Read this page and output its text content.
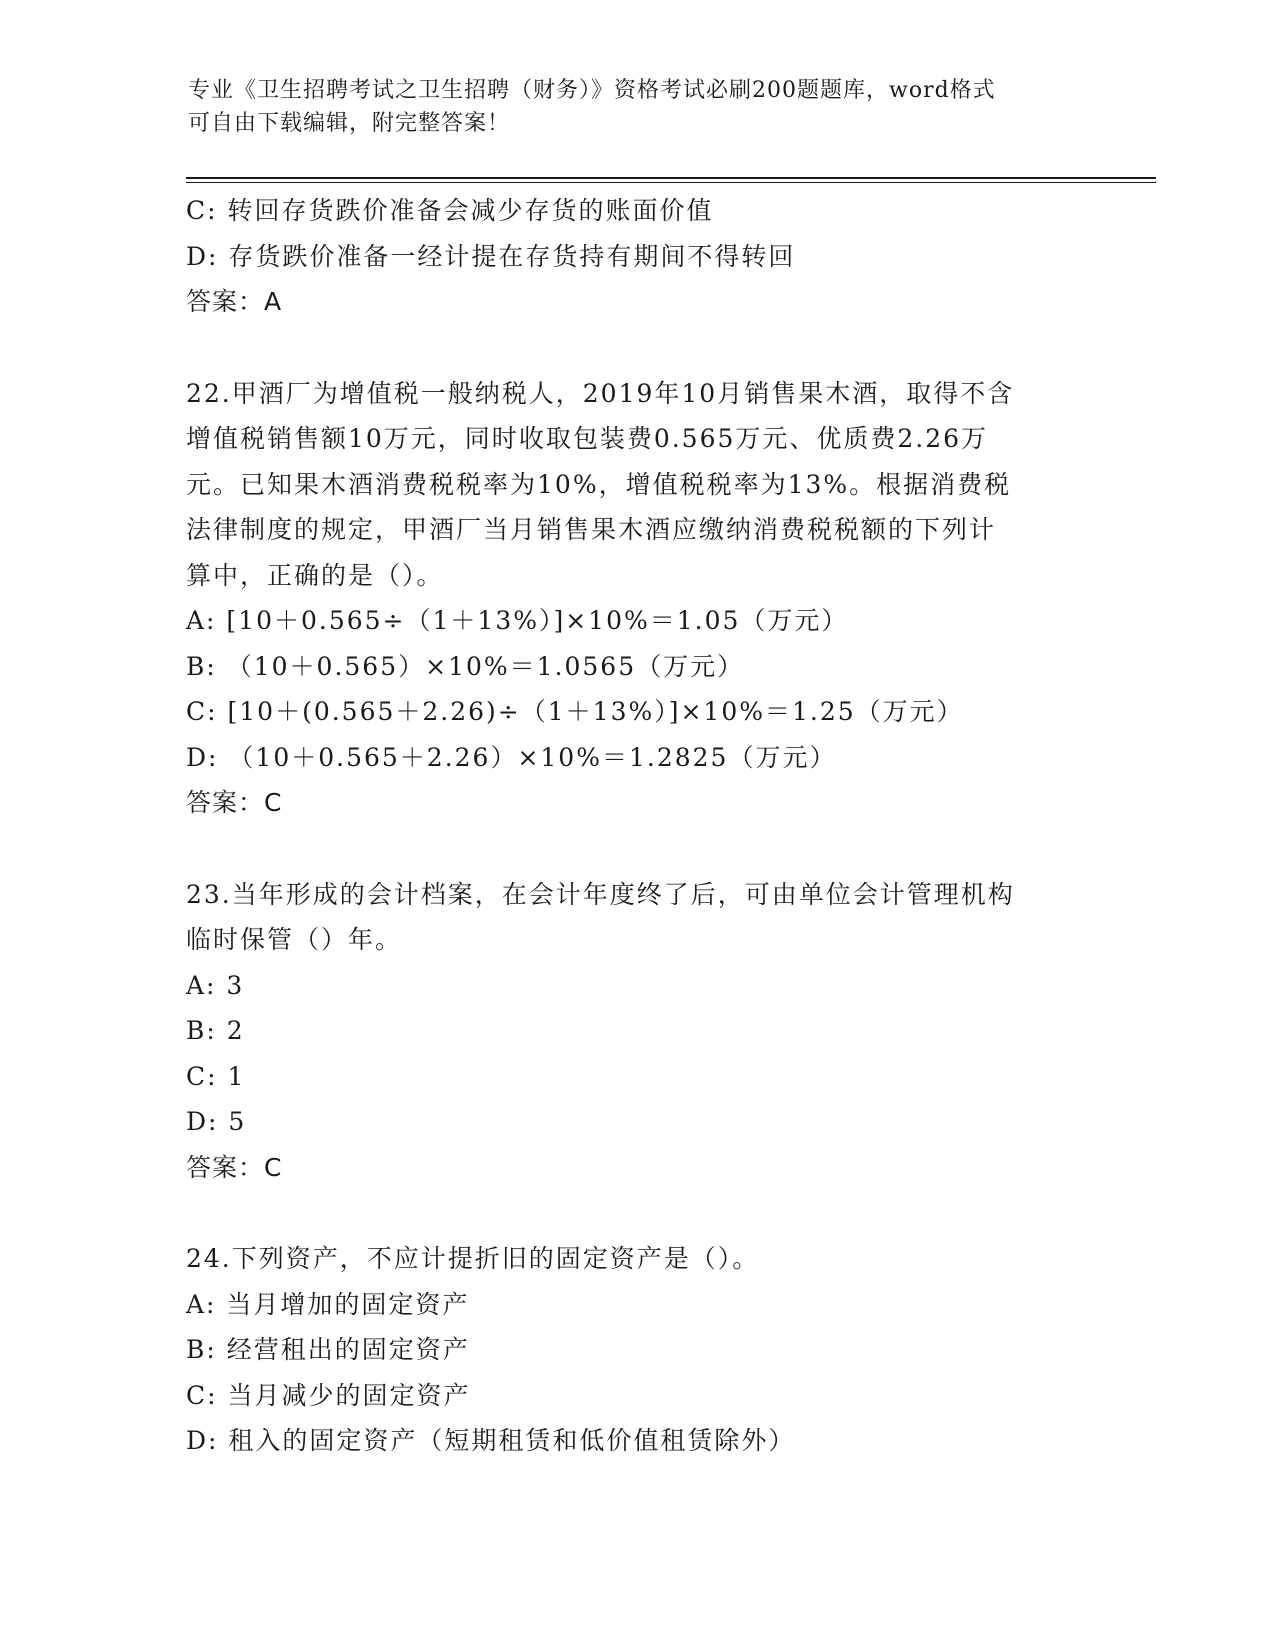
专业《卫生招聘考试之卫生招聘（财务）》资格考试必刷200题题库，word格式
可自由下载编辑，附完整答案！
C: 转回存货跌价准备会减少存货的账面价值
D: 存货跌价准备一经计提在存货持有期间不得转回
答案：A
22.甲酒厂为增值税一般纳税人，2019年10月销售果木酒，取得不含
增值税销售额10万元，同时收取包装费0.565万元、优质费2.26万
元。已知果木酒消费税税率为10%，增值税税率为13%。根据消费税
法律制度的规定，甲酒厂当月销售果木酒应缴纳消费税税额的下列计
算中，正确的是（）。
A: [10＋0.565÷（1＋13%）]×10%＝1.05（万元）
B: （10＋0.565）×10%＝1.0565（万元）
C: [10＋(0.565＋2.26)÷（1＋13%）]×10%＝1.25（万元）
D: （10＋0.565＋2.26）×10%＝1.2825（万元）
答案：C
23.当年形成的会计档案，在会计年度终了后，可由单位会计管理机构
临时保管（）年。
A: 3
B: 2
C: 1
D: 5
答案：C
24.下列资产，不应计提折旧的固定资产是（）。
A: 当月增加的固定资产
B: 经营租出的固定资产
C: 当月减少的固定资产
D: 租入的固定资产（短期租赁和低价值租赁除外）
